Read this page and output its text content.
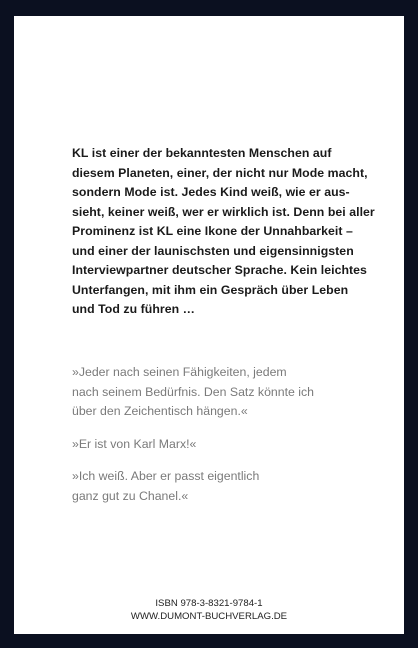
KL ist einer der bekanntesten Menschen auf
diesem Planeten, einer, der nicht nur Mode macht,
sondern Mode ist. Jedes Kind weiß, wie er aus-
sieht, keiner weiß, wer er wirklich ist. Denn bei aller
Prominenz ist KL eine Ikone der Unnahbarkeit –
und einer der launischsten und eigensinnigsten
Interviewpartner deutscher Sprache. Kein leichtes
Unterfangen, mit ihm ein Gespräch über Leben
und Tod zu führen …

»Jeder nach seinen Fähigkeiten, jedem
nach seinem Bedürfnis. Den Satz könnte ich
über den Zeichentisch hängen.«

»Er ist von Karl Marx!«

»Ich weiß. Aber er passt eigentlich
ganz gut zu Chanel.«

ISBN 978-3-8321-9784-1
WWW.DUMONT-BUCHVERLAG.DE
